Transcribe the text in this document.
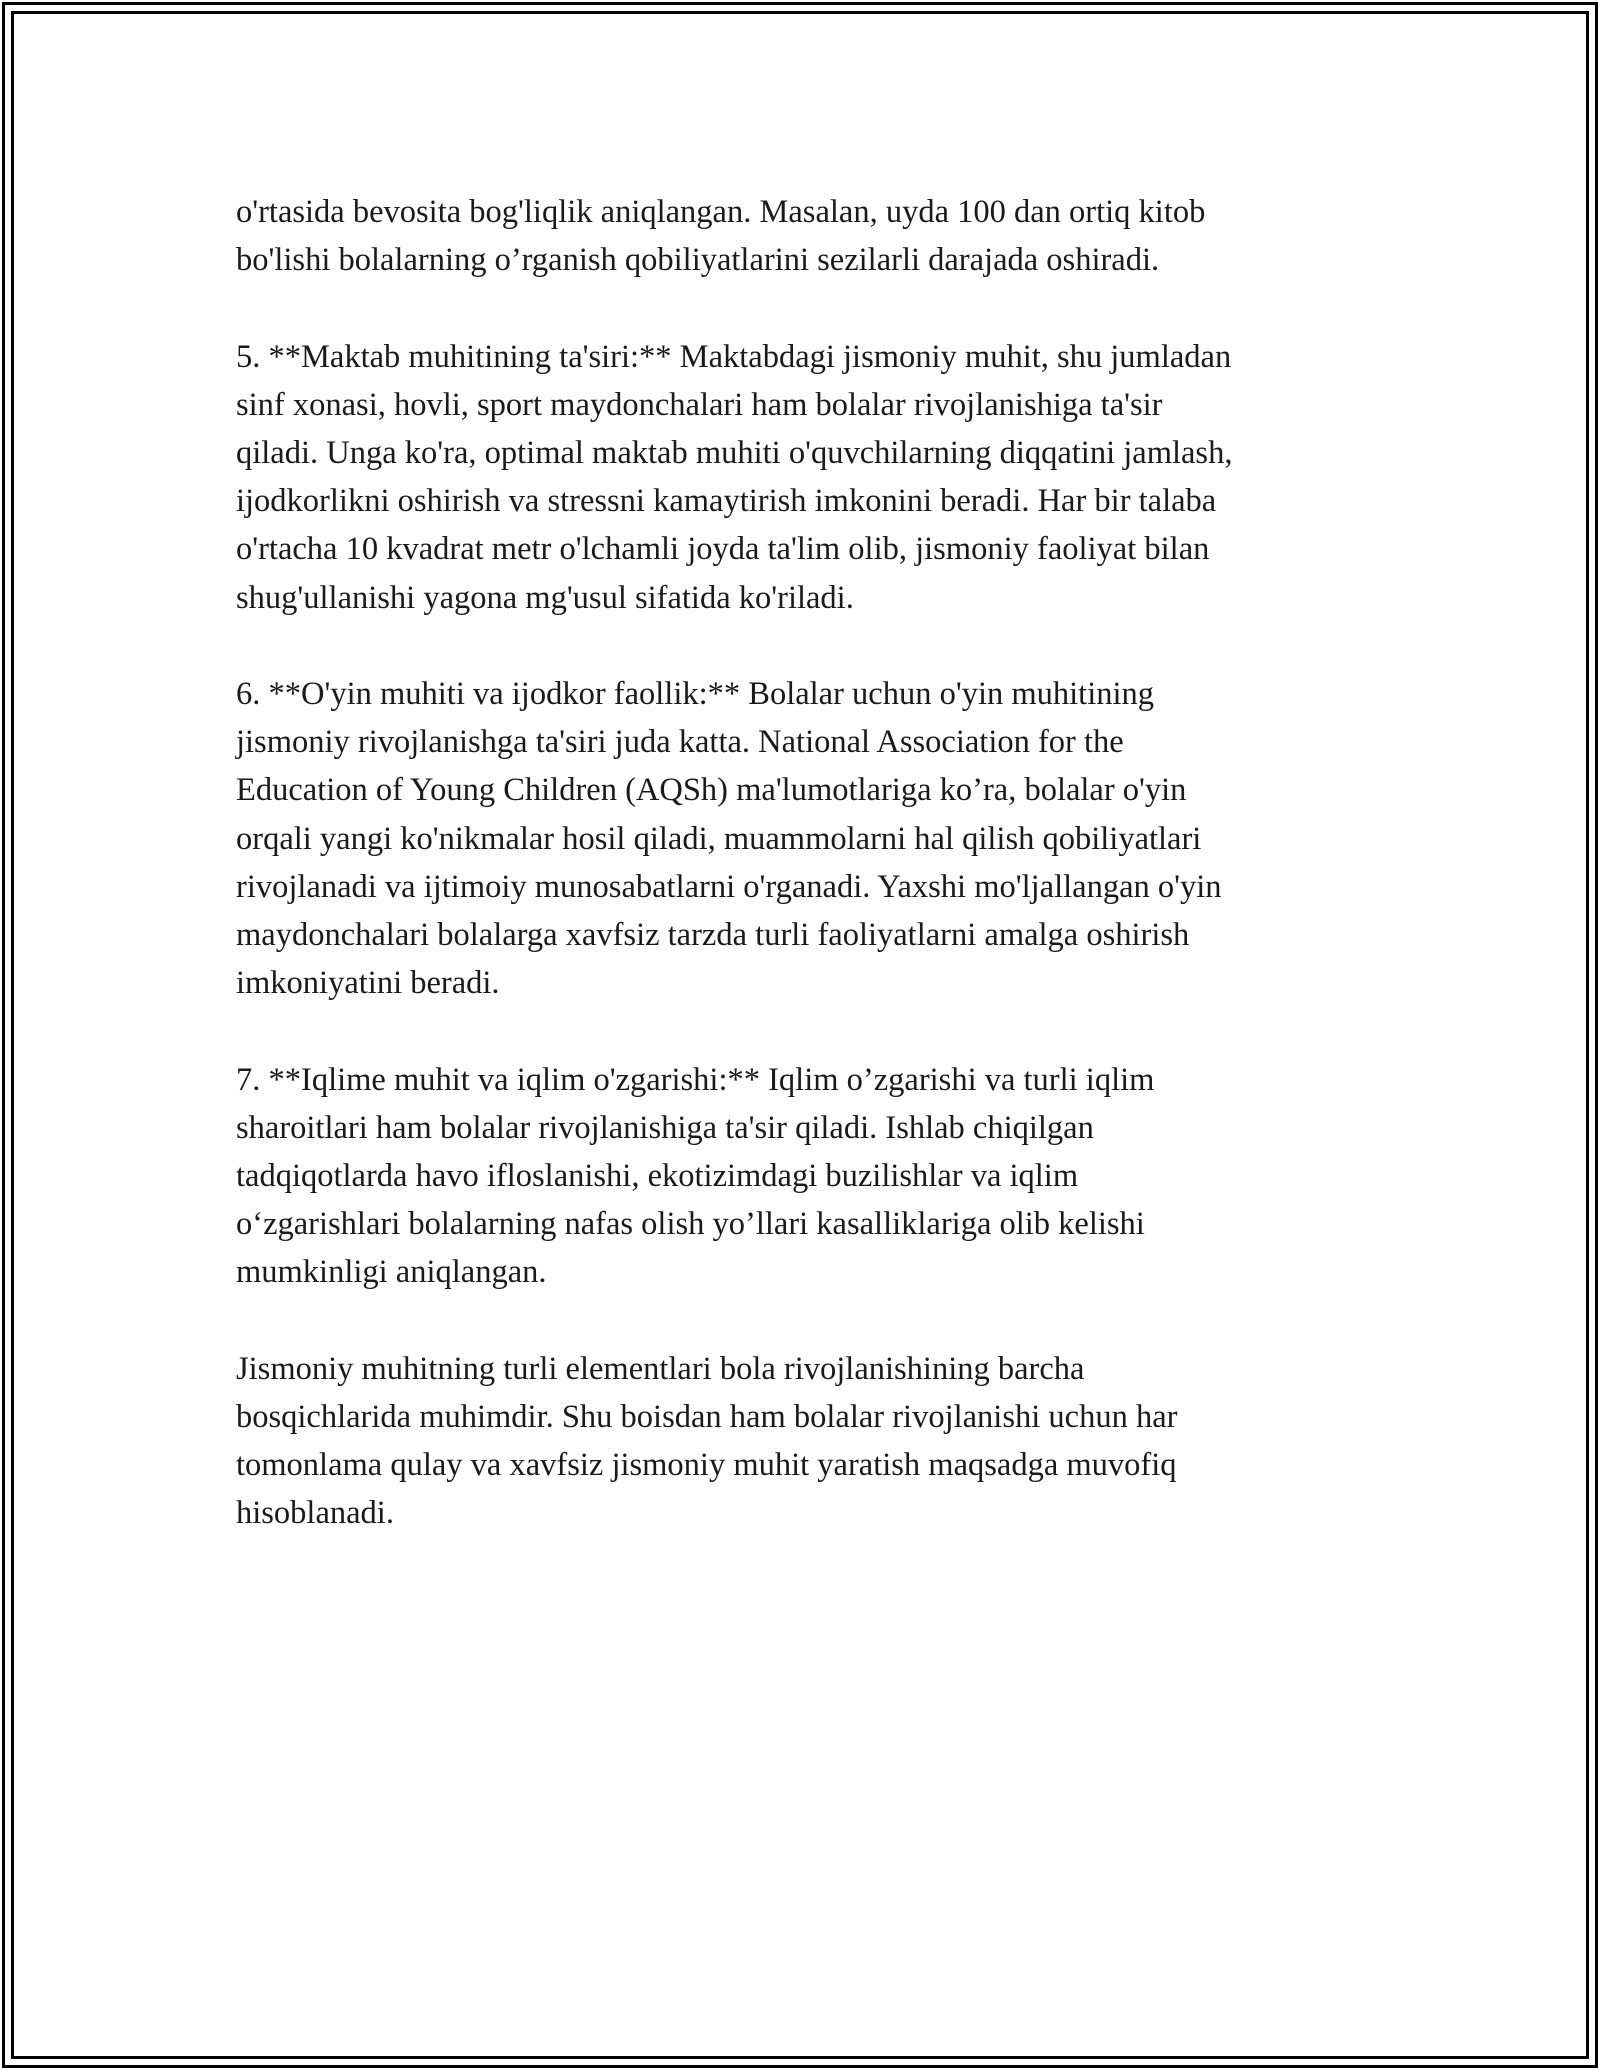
o'rtasida bevosita bog'liqlik aniqlangan. Masalan, uyda 100 dan ortiq kitob
bo'lishi bolalarning o’rganish qobiliyatlarini sezilarli darajada oshiradi.

5. **Maktab muhitining ta'siri:** Maktabdagi jismoniy muhit, shu jumladan
sinf xonasi, hovli, sport maydonchalari ham bolalar rivojlanishiga ta'sir
qiladi. Unga ko'ra, optimal maktab muhiti o'quvchilarning diqqatini jamlash,
ijodkorlikni oshirish va stressni kamaytirish imkonini beradi. Har bir talaba
o'rtacha 10 kvadrat metr o'lchamli joyda ta'lim olib, jismoniy faoliyat bilan
shug'ullanishi yagona mg'usul sifatida ko'riladi.

6. **O'yin muhiti va ijodkor faollik:** Bolalar uchun o'yin muhitining
jismoniy rivojlanishga ta'siri juda katta. National Association for the
Education of Young Children (AQSh) ma'lumotlariga ko’ra, bolalar o'yin
orqali yangi ko'nikmalar hosil qiladi, muammolarni hal qilish qobiliyatlari
rivojlanadi va ijtimoiy munosabatlarni o'rganadi. Yaxshi mo'ljallangan o'yin
maydonchalari bolalarga xavfsiz tarzda turli faoliyatlarni amalga oshirish
imkoniyatini beradi.

7. **Iqlime muhit va iqlim o'zgarishi:** Iqlim o’zgarishi va turli iqlim
sharoitlari ham bolalar rivojlanishiga ta'sir qiladi. Ishlab chiqilgan
tadqiqotlarda havo ifloslanishi, ekotizimdagi buzilishlar va iqlim
o‘zgarishlari bolalarning nafas olish yo’llari kasalliklariga olib kelishi
mumkinligi aniqlangan.

Jismoniy muhitning turli elementlari bola rivojlanishining barcha
bosqichlarida muhimdir. Shu boisdan ham bolalar rivojlanishi uchun har
tomonlama qulay va xavfsiz jismoniy muhit yaratish maqsadga muvofiq
hisoblanadi.
